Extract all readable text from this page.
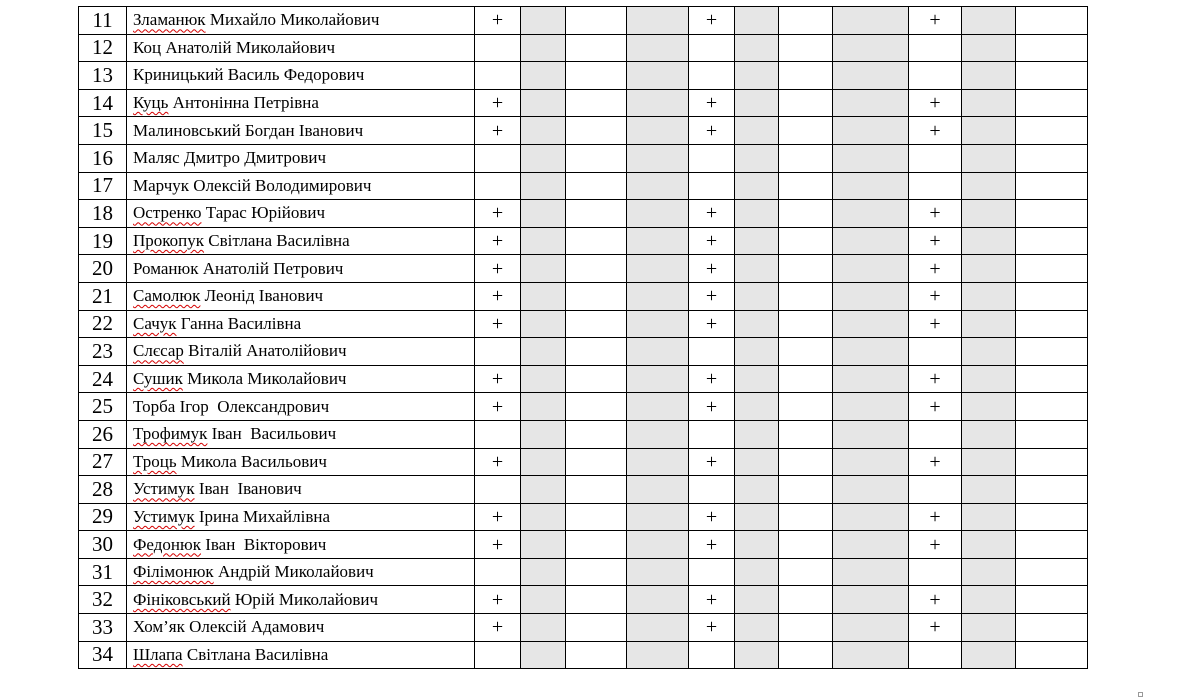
11	Зламанюк Михайло Миколайович	+				+				+		
12	Коц Анатолій Миколайович											
13	Криницький Василь Федорович											
14	Куць Антонінна Петрівна	+				+				+		
15	Малиновський Богдан Іванович	+				+				+		
16	Маляс Дмитро Дмитрович											
17	Марчук Олексій Володимирович											
18	Остренко Тарас Юрійович	+				+				+		
19	Прокопук Світлана Василівна	+				+				+		
20	Романюк Анатолій Петрович	+				+				+		
21	Самолюк Леонід Іванович	+				+				+		
22	Сачук Ганна Василівна	+				+				+		
23	Слєсар Віталій Анатолійович											
24	Сушик Микола Миколайович	+				+				+		
25	Торба Ігор  Олександрович	+				+				+		
26	Трофимук Іван  Васильович											
27	Троць Микола Васильович	+				+				+		
28	Устимук Іван  Іванович											
29	Устимук Ірина Михайлівна	+				+				+		
30	Федонюк Іван  Вікторович	+				+				+		
31	Філімонюк Андрій Миколайович											
32	Фініковський Юрій Миколайович	+				+				+		
33	Хом’як Олексій Адамович	+				+				+		
34	Шлапа Світлана Василівна											
